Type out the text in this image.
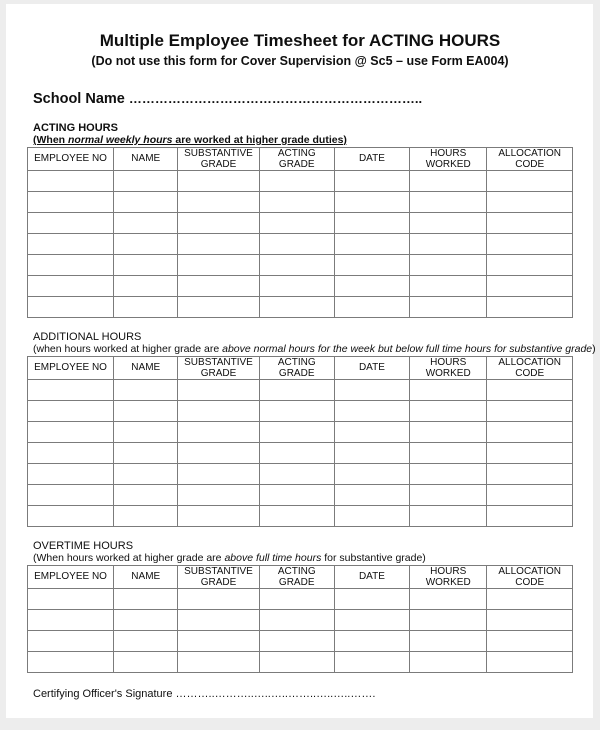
Multiple Employee Timesheet for ACTING HOURS
(Do not use this form for Cover Supervision @ Sc5 – use Form EA004)
School Name …………………………………………………………..
ACTING HOURS
(When normal weekly hours are worked at higher grade duties)
EMPLOYEE NO	NAME	SUBSTANTIVE GRADE	ACTING GRADE	DATE	HOURS WORKED	ALLOCATION CODE

ADDITIONAL HOURS
(when hours worked at higher grade are above normal hours for the week but below full time hours for substantive grade)
EMPLOYEE NO	NAME	SUBSTANTIVE GRADE	ACTING GRADE	DATE	HOURS WORKED	ALLOCATION CODE

OVERTIME HOURS
(When hours worked at higher grade are above full time hours for substantive grade)
EMPLOYEE NO	NAME	SUBSTANTIVE GRADE	ACTING GRADE	DATE	HOURS WORKED	ALLOCATION CODE

Certifying Officer's Signature ………..………..…..…..……..…..…..…….
